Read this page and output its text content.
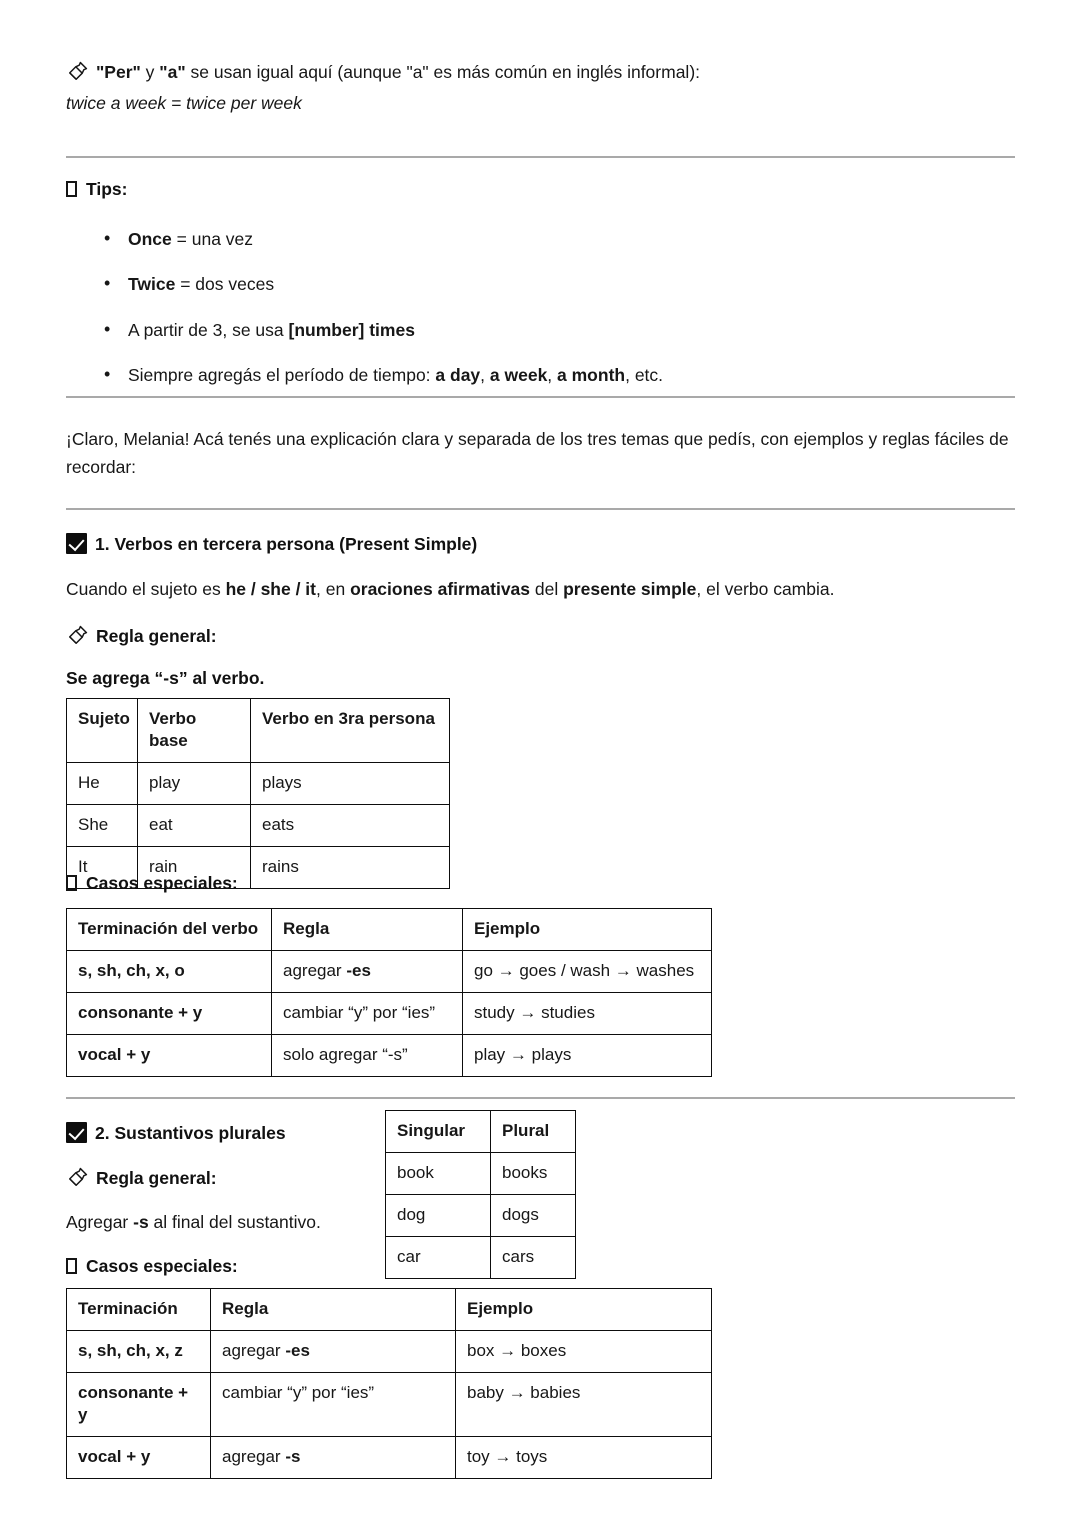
"Per" y "a" se usan igual aquí (aunque "a" es más común en inglés informal):
twice a week = twice per week
Tips:
• Once = una vez
• Twice = dos veces
• A partir de 3, se usa [number] times
• Siempre agregás el período de tiempo: a day, a week, a month, etc.
¡Claro, Melania! Acá tenés una explicación clara y separada de los tres temas que pedís, con ejemplos y reglas fáciles de recordar:
1. Verbos en tercera persona (Present Simple)
Cuando el sujeto es he / she / it, en oraciones afirmativas del presente simple, el verbo cambia.
Regla general:
Se agrega “-s” al verbo.
Sujeto	Verbo base	Verbo en 3ra persona
He	play	plays
She	eat	eats
It	rain	rains
Casos especiales:
Terminación del verbo	Regla	Ejemplo
s, sh, ch, x, o	agregar -es	go → goes / wash → washes
consonante + y	cambiar “y” por “ies”	study → studies
vocal + y	solo agregar “-s”	play → plays
2. Sustantivos plurales
Regla general:
Agregar -s al final del sustantivo.
Casos especiales:
Singular	Plural
book	books
dog	dogs
car	cars
Terminación	Regla	Ejemplo
s, sh, ch, x, z	agregar -es	box → boxes
consonante + y	cambiar “y” por “ies”	baby → babies
vocal + y	agregar -s	toy → toys
